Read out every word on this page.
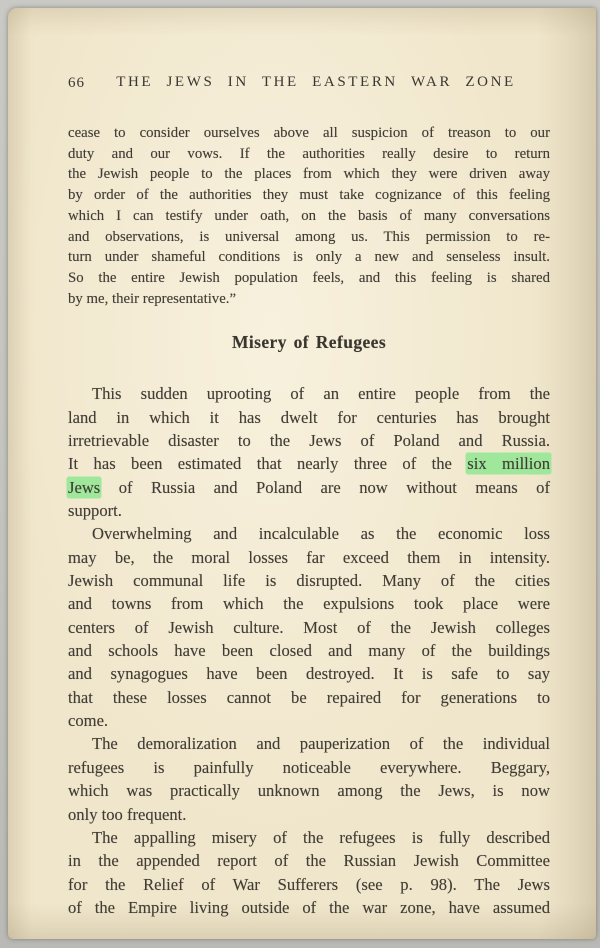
66	THE JEWS IN THE EASTERN WAR ZONE
cease to consider ourselves above all suspicion of treason to our
duty and our vows. If the authorities really desire to return
the Jewish people to the places from which they were driven away
by order of the authorities they must take cognizance of this feeling
which I can testify under oath, on the basis of many conversations
and observations, is universal among us. This permission to re-
turn under shameful conditions is only a new and senseless insult.
So the entire Jewish population feels, and this feeling is shared
by me, their representative.”
Misery of Refugees
This sudden uprooting of an entire people from the
land in which it has dwelt for centuries has brought
irretrievable disaster to the Jews of Poland and Russia.
It has been estimated that nearly three of the six million
Jews of Russia and Poland are now without means of
support.
Overwhelming and incalculable as the economic loss
may be, the moral losses far exceed them in intensity.
Jewish communal life is disrupted. Many of the cities
and towns from which the expulsions took place were
centers of Jewish culture. Most of the Jewish colleges
and schools have been closed and many of the buildings
and synagogues have been destroyed. It is safe to say
that these losses cannot be repaired for generations to
come.
The demoralization and pauperization of the individual
refugees is painfully noticeable everywhere. Beggary,
which was practically unknown among the Jews, is now
only too frequent.
The appalling misery of the refugees is fully described
in the appended report of the Russian Jewish Committee
for the Relief of War Sufferers (see p. 98). The Jews
of the Empire living outside of the war zone, have assumed
